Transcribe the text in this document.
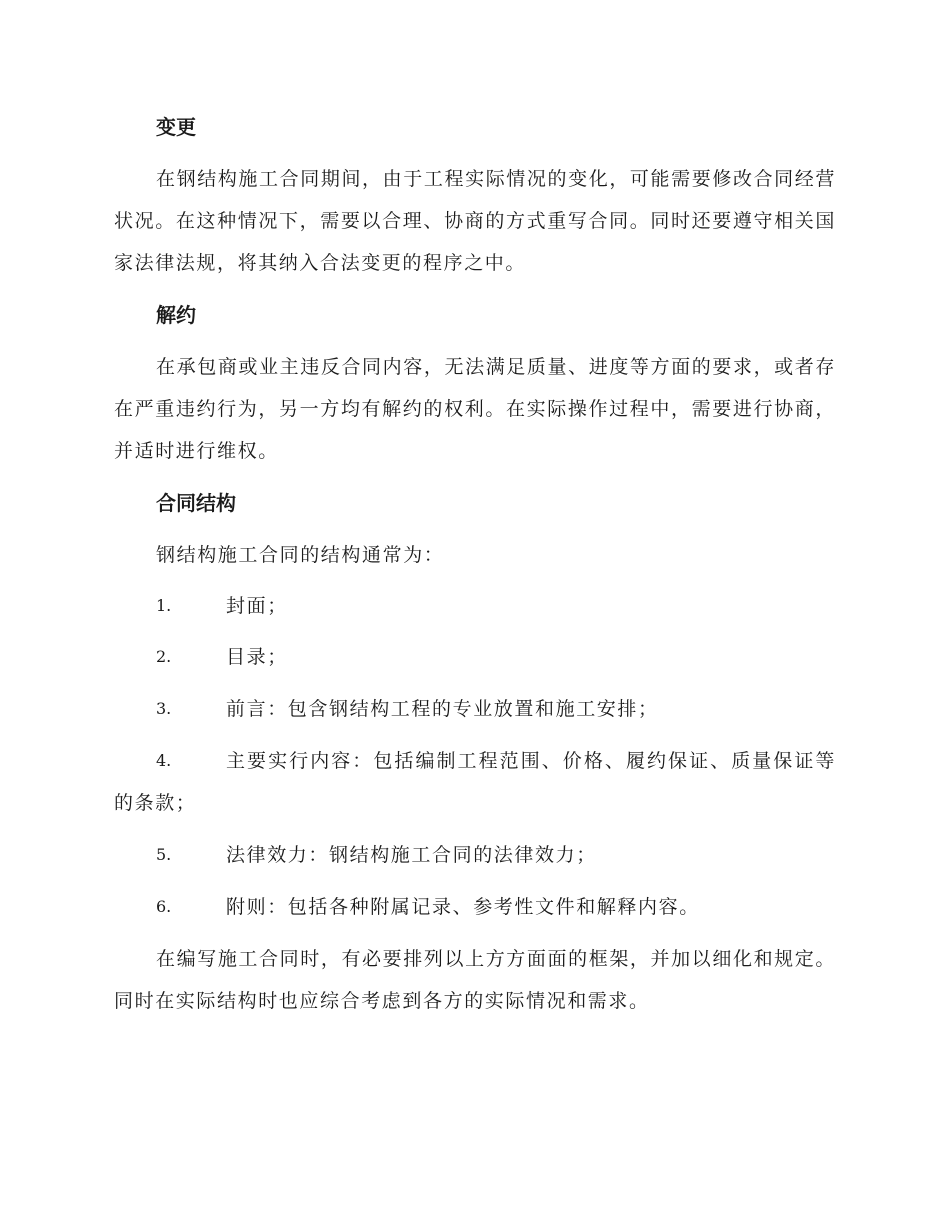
变更

在钢结构施工合同期间，由于工程实际情况的变化，可能需要修改合同经营状况。在这种情况下，需要以合理、协商的方式重写合同。同时还要遵守相关国家法律法规，将其纳入合法变更的程序之中。

解约

在承包商或业主违反合同内容，无法满足质量、进度等方面的要求，或者存在严重违约行为，另一方均有解约的权利。在实际操作过程中，需要进行协商，并适时进行维权。

合同结构
钢结构施工合同的结构通常为：
1.	封面；
2.	目录；
3.	前言：包含钢结构工程的专业放置和施工安排；
4.	主要实行内容：包括编制工程范围、价格、履约保证、质量保证等的条款；
5.	法律效力：钢结构施工合同的法律效力；
6.	附则：包括各种附属记录、参考性文件和解释内容。

在编写施工合同时，有必要排列以上方方面面的框架，并加以细化和规定。同时在实际结构时也应综合考虑到各方的实际情况和需求。
